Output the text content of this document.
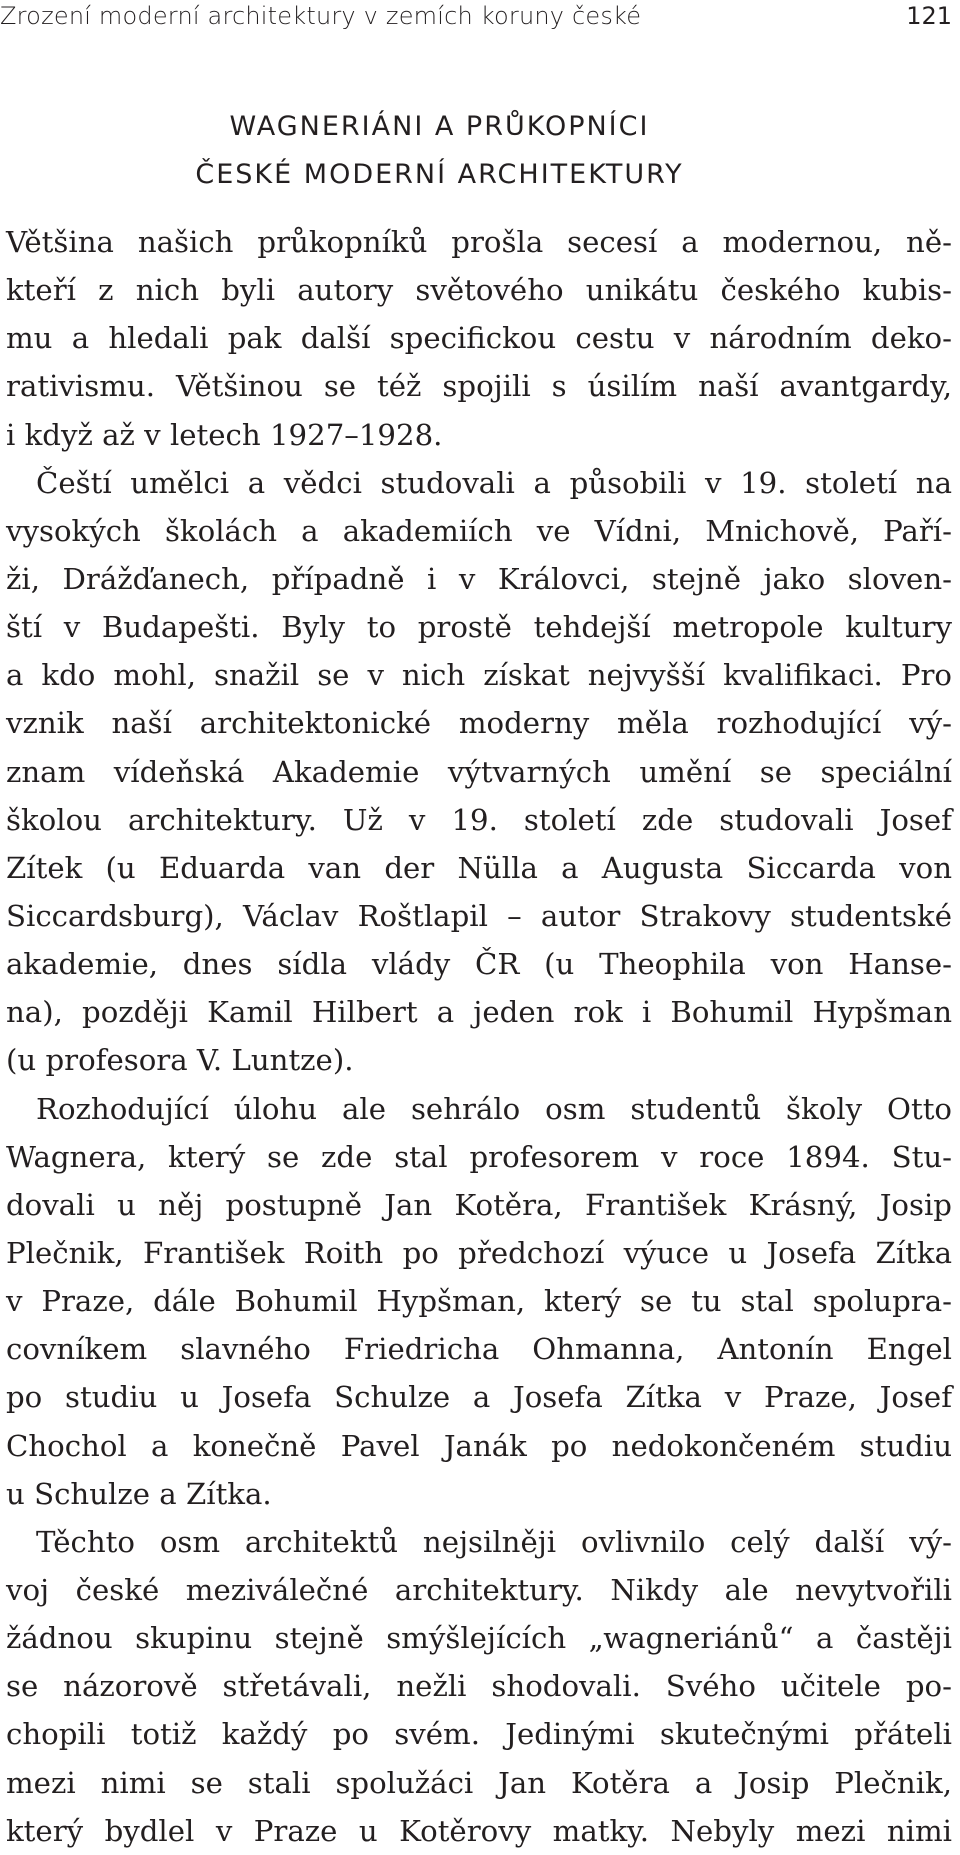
Zrození moderní architektury v zemích koruny české	121
WAGNERIÁNI A PRŮKOPNÍCI
ČESKÉ MODERNÍ ARCHITEKTURY
Většina našich průkopníků prošla secesí a modernou, ně-
kteří z nich byli autory světového unikátu českého kubis-
mu a hledali pak další specifickou cestu v národním deko-
rativismu. Většinou se též spojili s úsilím naší avantgardy,
i když až v letech 1927–1928.
Čeští umělci a vědci studovali a působili v 19. století na
vysokých školách a akademiích ve Vídni, Mnichově, Paří-
ži, Drážďanech, případně i v Královci, stejně jako sloven-
ští v Budapešti. Byly to prostě tehdejší metropole kultury
a kdo mohl, snažil se v nich získat nejvyšší kvalifikaci. Pro
vznik naší architektonické moderny měla rozhodující vý-
znam vídeňská Akademie výtvarných umění se speciální
školou architektury. Už v 19. století zde studovali Josef
Zítek (u Eduarda van der Nülla a Augusta Siccarda von
Siccardsburg), Václav Roštlapil – autor Strakovy studentské
akademie, dnes sídla vlády ČR (u Theophila von Hanse-
na), později Kamil Hilbert a jeden rok i Bohumil Hypšman
(u profesora V. Luntze).
Rozhodující úlohu ale sehrálo osm studentů školy Otto
Wagnera, který se zde stal profesorem v roce 1894. Stu-
dovali u něj postupně Jan Kotěra, František Krásný, Josip
Plečnik, František Roith po předchozí výuce u Josefa Zítka
v Praze, dále Bohumil Hypšman, který se tu stal spolupra-
covníkem slavného Friedricha Ohmanna, Antonín Engel
po studiu u Josefa Schulze a Josefa Zítka v Praze, Josef
Chochol a konečně Pavel Janák po nedokončeném studiu
u Schulze a Zítka.
Těchto osm architektů nejsilněji ovlivnilo celý další vý-
voj české meziválečné architektury. Nikdy ale nevytvořili
žádnou skupinu stejně smýšlejících „wagneriánů“ a častěji
se názorově střetávali, nežli shodovali. Svého učitele po-
chopili totiž každý po svém. Jedinými skutečnými přáteli
mezi nimi se stali spolužáci Jan Kotěra a Josip Plečnik,
který bydlel v Praze u Kotěrovy matky. Nebyly mezi nimi
